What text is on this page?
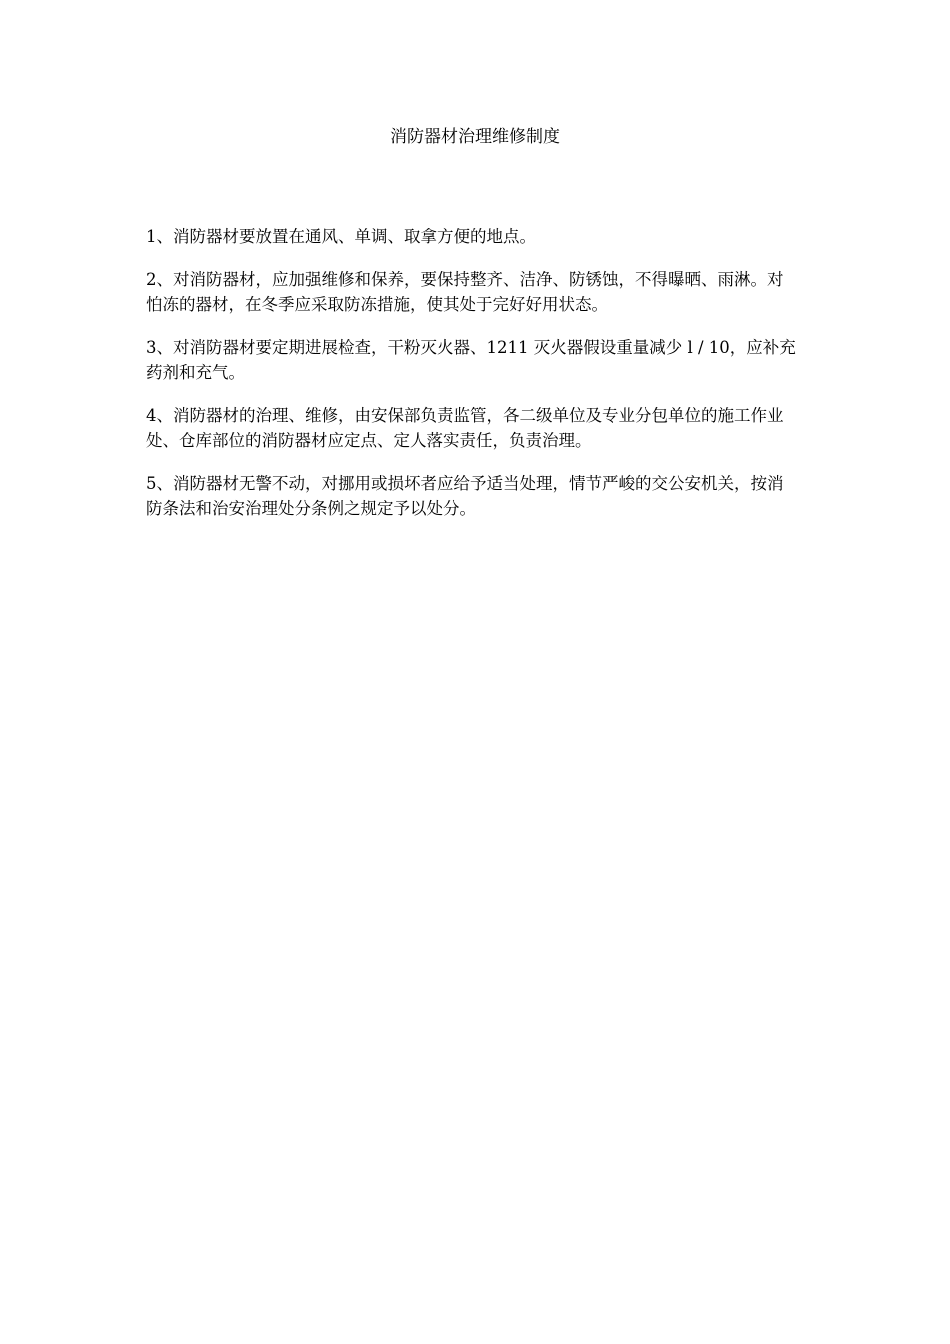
消防器材治理维修制度

1、消防器材要放置在通风、单调、取拿方便的地点。

2、对消防器材，应加强维修和保养，要保持整齐、洁净、防锈蚀，不得曝晒、雨淋。对怕冻的器材，在冬季应采取防冻措施，使其处于完好好用状态。

3、对消防器材要定期进展检查，干粉灭火器、1211 灭火器假设重量减少 l / 10，应补充药剂和充气。

4、消防器材的治理、维修，由安保部负责监管，各二级单位及专业分包单位的施工作业处、仓库部位的消防器材应定点、定人落实责任，负责治理。

5、消防器材无警不动，对挪用或损坏者应给予适当处理，情节严峻的交公安机关，按消防条法和治安治理处分条例之规定予以处分。
